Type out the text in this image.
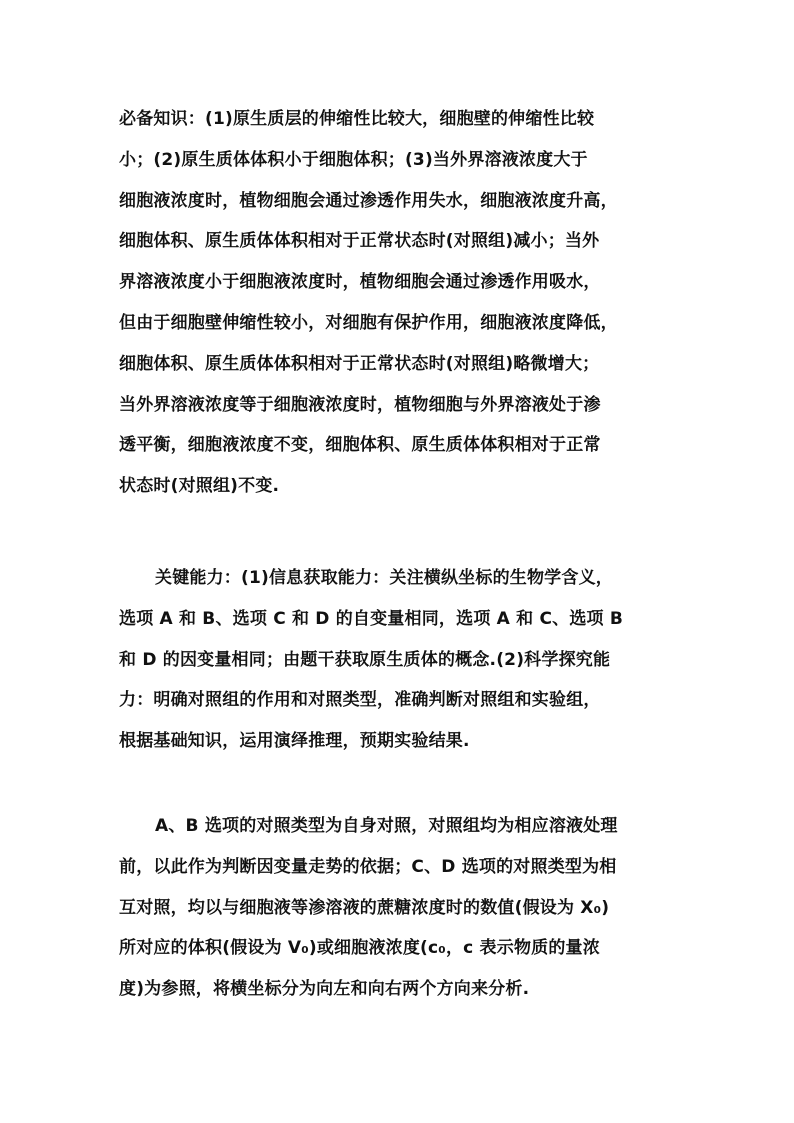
必备知识：(1)原生质层的伸缩性比较大，细胞壁的伸缩性比较
小；(2)原生质体体积小于细胞体积；(3)当外界溶液浓度大于
细胞液浓度时，植物细胞会通过渗透作用失水，细胞液浓度升高，
细胞体积、原生质体体积相对于正常状态时(对照组)减小；当外
界溶液浓度小于细胞液浓度时，植物细胞会通过渗透作用吸水，
但由于细胞壁伸缩性较小，对细胞有保护作用，细胞液浓度降低，
细胞体积、原生质体体积相对于正常状态时(对照组)略微增大；
当外界溶液浓度等于细胞液浓度时，植物细胞与外界溶液处于渗
透平衡，细胞液浓度不变，细胞体积、原生质体体积相对于正常
状态时(对照组)不变.
关键能力：(1)信息获取能力：关注横纵坐标的生物学含义，
选项 A 和 B、选项 C 和 D 的自变量相同，选项 A 和 C、选项 B
和 D 的因变量相同；由题干获取原生质体的概念.(2)科学探究能
力：明确对照组的作用和对照类型，准确判断对照组和实验组，
根据基础知识，运用演绎推理，预期实验结果.
A、B 选项的对照类型为自身对照，对照组均为相应溶液处理
前，以此作为判断因变量走势的依据；C、D 选项的对照类型为相
互对照，均以与细胞液等渗溶液的蔗糖浓度时的数值(假设为 X₀)
所对应的体积(假设为 V₀)或细胞液浓度(c₀，c 表示物质的量浓
度)为参照，将横坐标分为向左和向右两个方向来分析.
